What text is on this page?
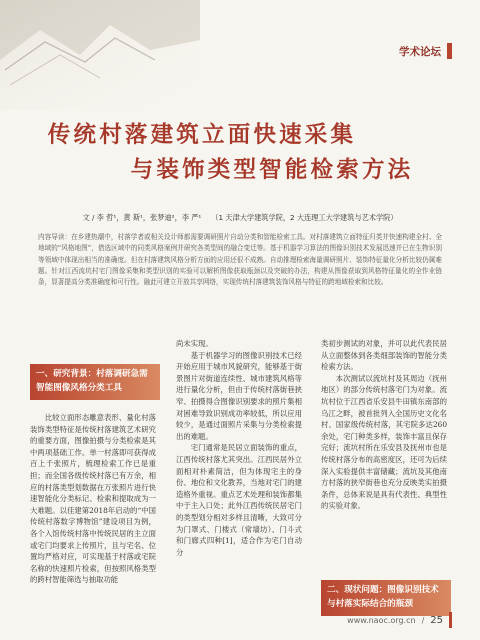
学术论坛
传统村落建筑立面快速采集
与装饰类型智能检索方法
文 / 李 哲¹，黄 斯¹，张梦迪²，李 严¹ （1 天津大学建筑学院，2 大连理工大学建筑与艺术学院）
内容导读：在乡建热潮中，村落学者或相关设计师都需要调研照片自动分类和智能检索工具。对村落建筑立面特征归类并快速构建全村、全地域的“风格地图”，借选区域中的同类风格案例并研究各类型间的融合变迁等。基于机器学习算法的图像识别技术发展迅速并已在生物识别等领域中体现出相当的准确度。但在村落建筑风格分析方面的应用还很不成熟。自动推理检索海量调研照片、装饰特征量化分析比较仍属难题。针对江西流坑村宅门图像采集和类型识别的实验可以解析图像获取瓶颈以及突破的办法，构建从图像获取到风格特征量化的全作业链条，显著提高分类准确度和可行性。融此可建立开放共享网络，实现传统村落建筑装饰风格与特征的跨地域检索和比较。
一、研究背景：村落调研急需智能图像风格分类工具

比较立面形态雕意表形、量化村落装饰类型特征是传统村落建筑艺术研究的重要方面，图像拍摄与分类检索是其中两项基础工作。单一村落即可获得成百上千张照片，梳理检索工作已是重担；而全国各级传统村落已有万余，相应的村落类型划数据在万张照片进行快速智能化分类标记、检索和提取成为一大难题。以佳建第2018年启动的“中国传统村落数字博物馆”建设项目为例，各个入馆传统村落中传统民居的主立面或宅门均要求上传照片，且与宅名、位置均严格对应，可实现基于村落或宅院名称的快速照片检索，但按照风格类型的跨村智能筛选与抽取功能

尚未实现。

基于机器学习的图像识别技术已经开始应用于城市风貌研究，能够基于街景图片对街道连续性、城市建筑风格等进行量化分析，但由于传统村落街巷狭窄、拍摄得合图像识别要求的照片集相对困难导致识别成功率较低，所以应用较少，是通过面照片采集与分类检索提出的难题。

宅门通常是民居立面装饰的重点，江西传统村落尤其突出。江西民居外立面相对朴素简洁，但为体现宅主的身份、地位和文化教养，当地对宅门的建造格外重视。重点艺术处理和装饰都集中于主入口处；此外江西传统民居宅门的类型划分相对多样且清晰，大致可分为门罩式、门楼式（常墙坊）、门斗式和门廊式四种[1]，适合作为宅门自动分

类初步测试的对象，并可以此代表民居从立面整体到各类细部装饰的智能分类检索方法。

本次测试以流坑村及其周边（抚州地区）的部分传统村落宅门为对象。流坑村位于江西省乐安县牛田镇东南部的乌江之畔，被首批列入全国历史文化名村、国家级传统村落，其宅院多达260余处，宅门种类多样，装饰丰富且保存完好；流坑村所在乐安县及抚州市也是传统村落分布的高密度区，还可为后续深入实验提供丰富储藏；流坑及其他南方村落的狭窄街巷也充分反映类实拍摄条件，总体来说是具有代表性、典型性的实验对象。

二、现状问题：图像识别技术与村落实际结合的瓶颈
www.naoc.org.cn / 25
